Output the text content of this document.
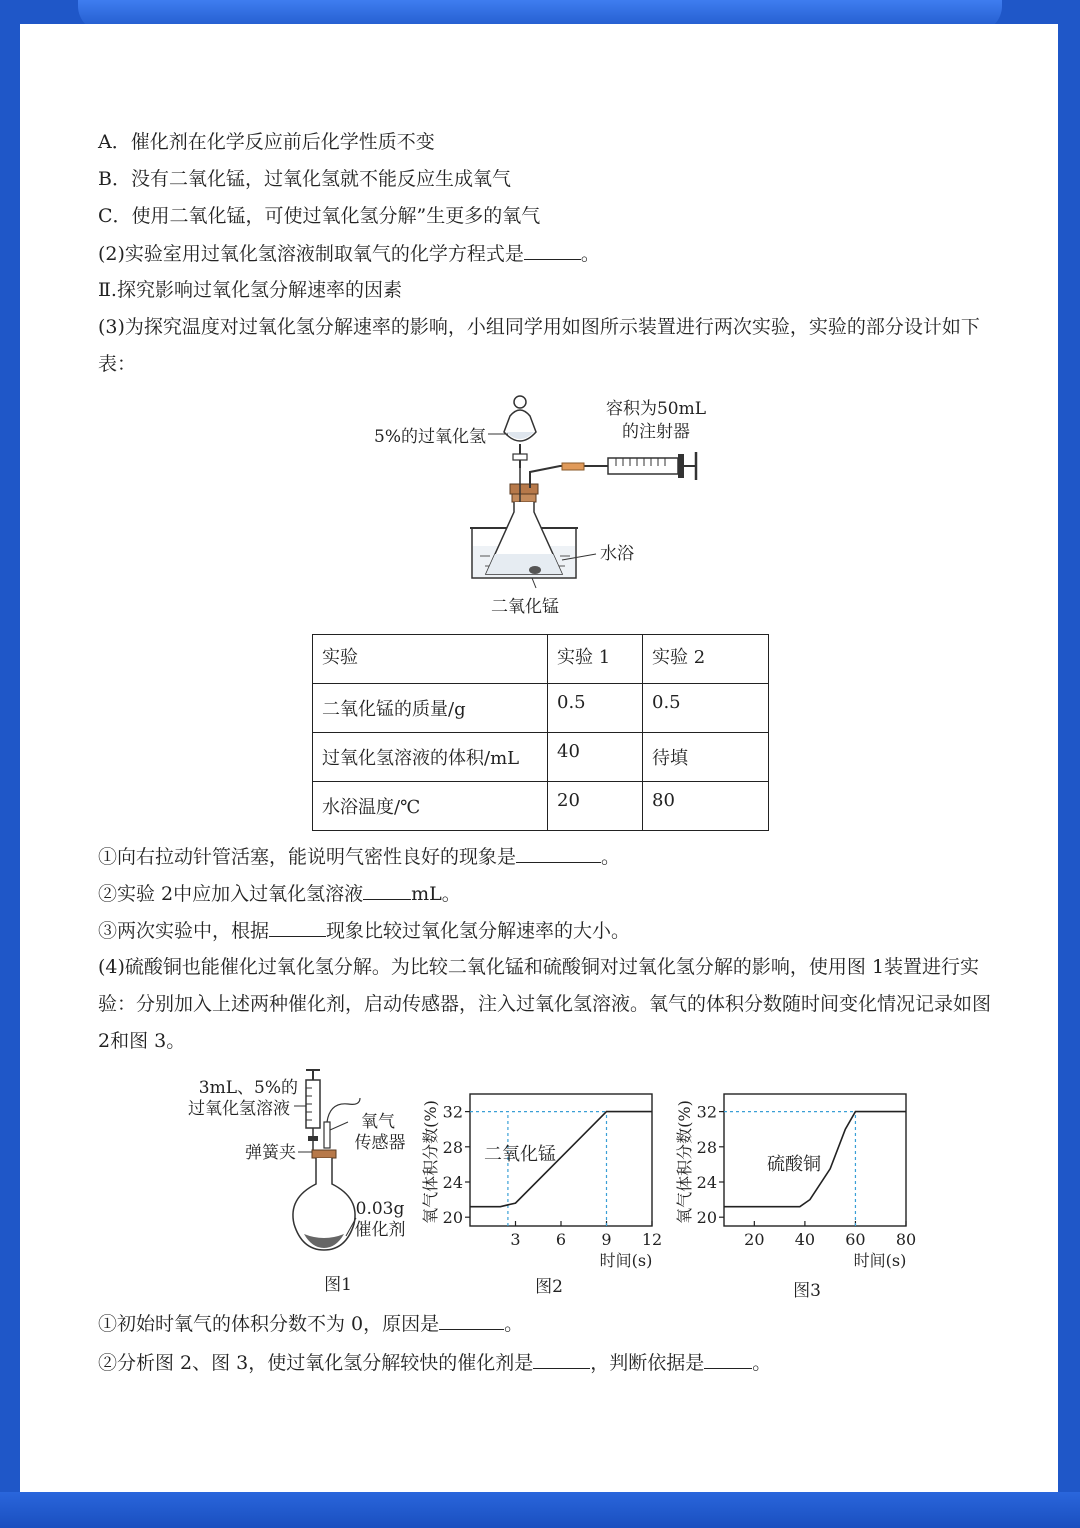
A．催化剂在化学反应前后化学性质不变
B．没有二氧化锰，过氧化氢就不能反应生成氧气
C．使用二氧化锰，可使过氧化氢分解”生更多的氧气
(2)实验室用过氧化氢溶液制取氧气的化学方程式是	。
Ⅱ.探究影响过氧化氢分解速率的因素
(3)为探究温度对过氧化氢分解速率的影响，小组同学用如图所示装置进行两次实验，实验的部分设计如下
表：
5%的过氧化氢
容积为50mL
的注射器
水浴
二氧化锰
实验	实验 1	实验 2
二氧化锰的质量/g	0.5	0.5
过氧化氢溶液的体积/mL	40	待填
水浴温度/℃	20	80
①向右拉动针管活塞，能说明气密性良好的现象是	。
②实验 2中应加入过氧化氢溶液	mL。
③两次实验中，根据	现象比较过氧化氢分解速率的大小。
(4)硫酸铜也能催化过氧化氢分解。为比较二氧化锰和硫酸铜对过氧化氢分解的影响，使用图 1装置进行实
验：分别加入上述两种催化剂，启动传感器，注入过氧化氢溶液。氧气的体积分数随时间变化情况记录如图
2和图 3。
3mL、5%的
过氧化氢溶液
氧气
传感器
弹簧夹
0.03g
催化剂
图1
20
24
28
32
3 6 9 12
二氧化锰
氧气体积分数(%)
时间(s)
图2
20
24
28
32
20 40 60 80
硫酸铜
氧气体积分数(%)
时间(s)
图3
①初始时氧气的体积分数不为 0，原因是	。
②分析图 2、图 3，使过氧化氢分解较快的催化剂是	，判断依据是	。
